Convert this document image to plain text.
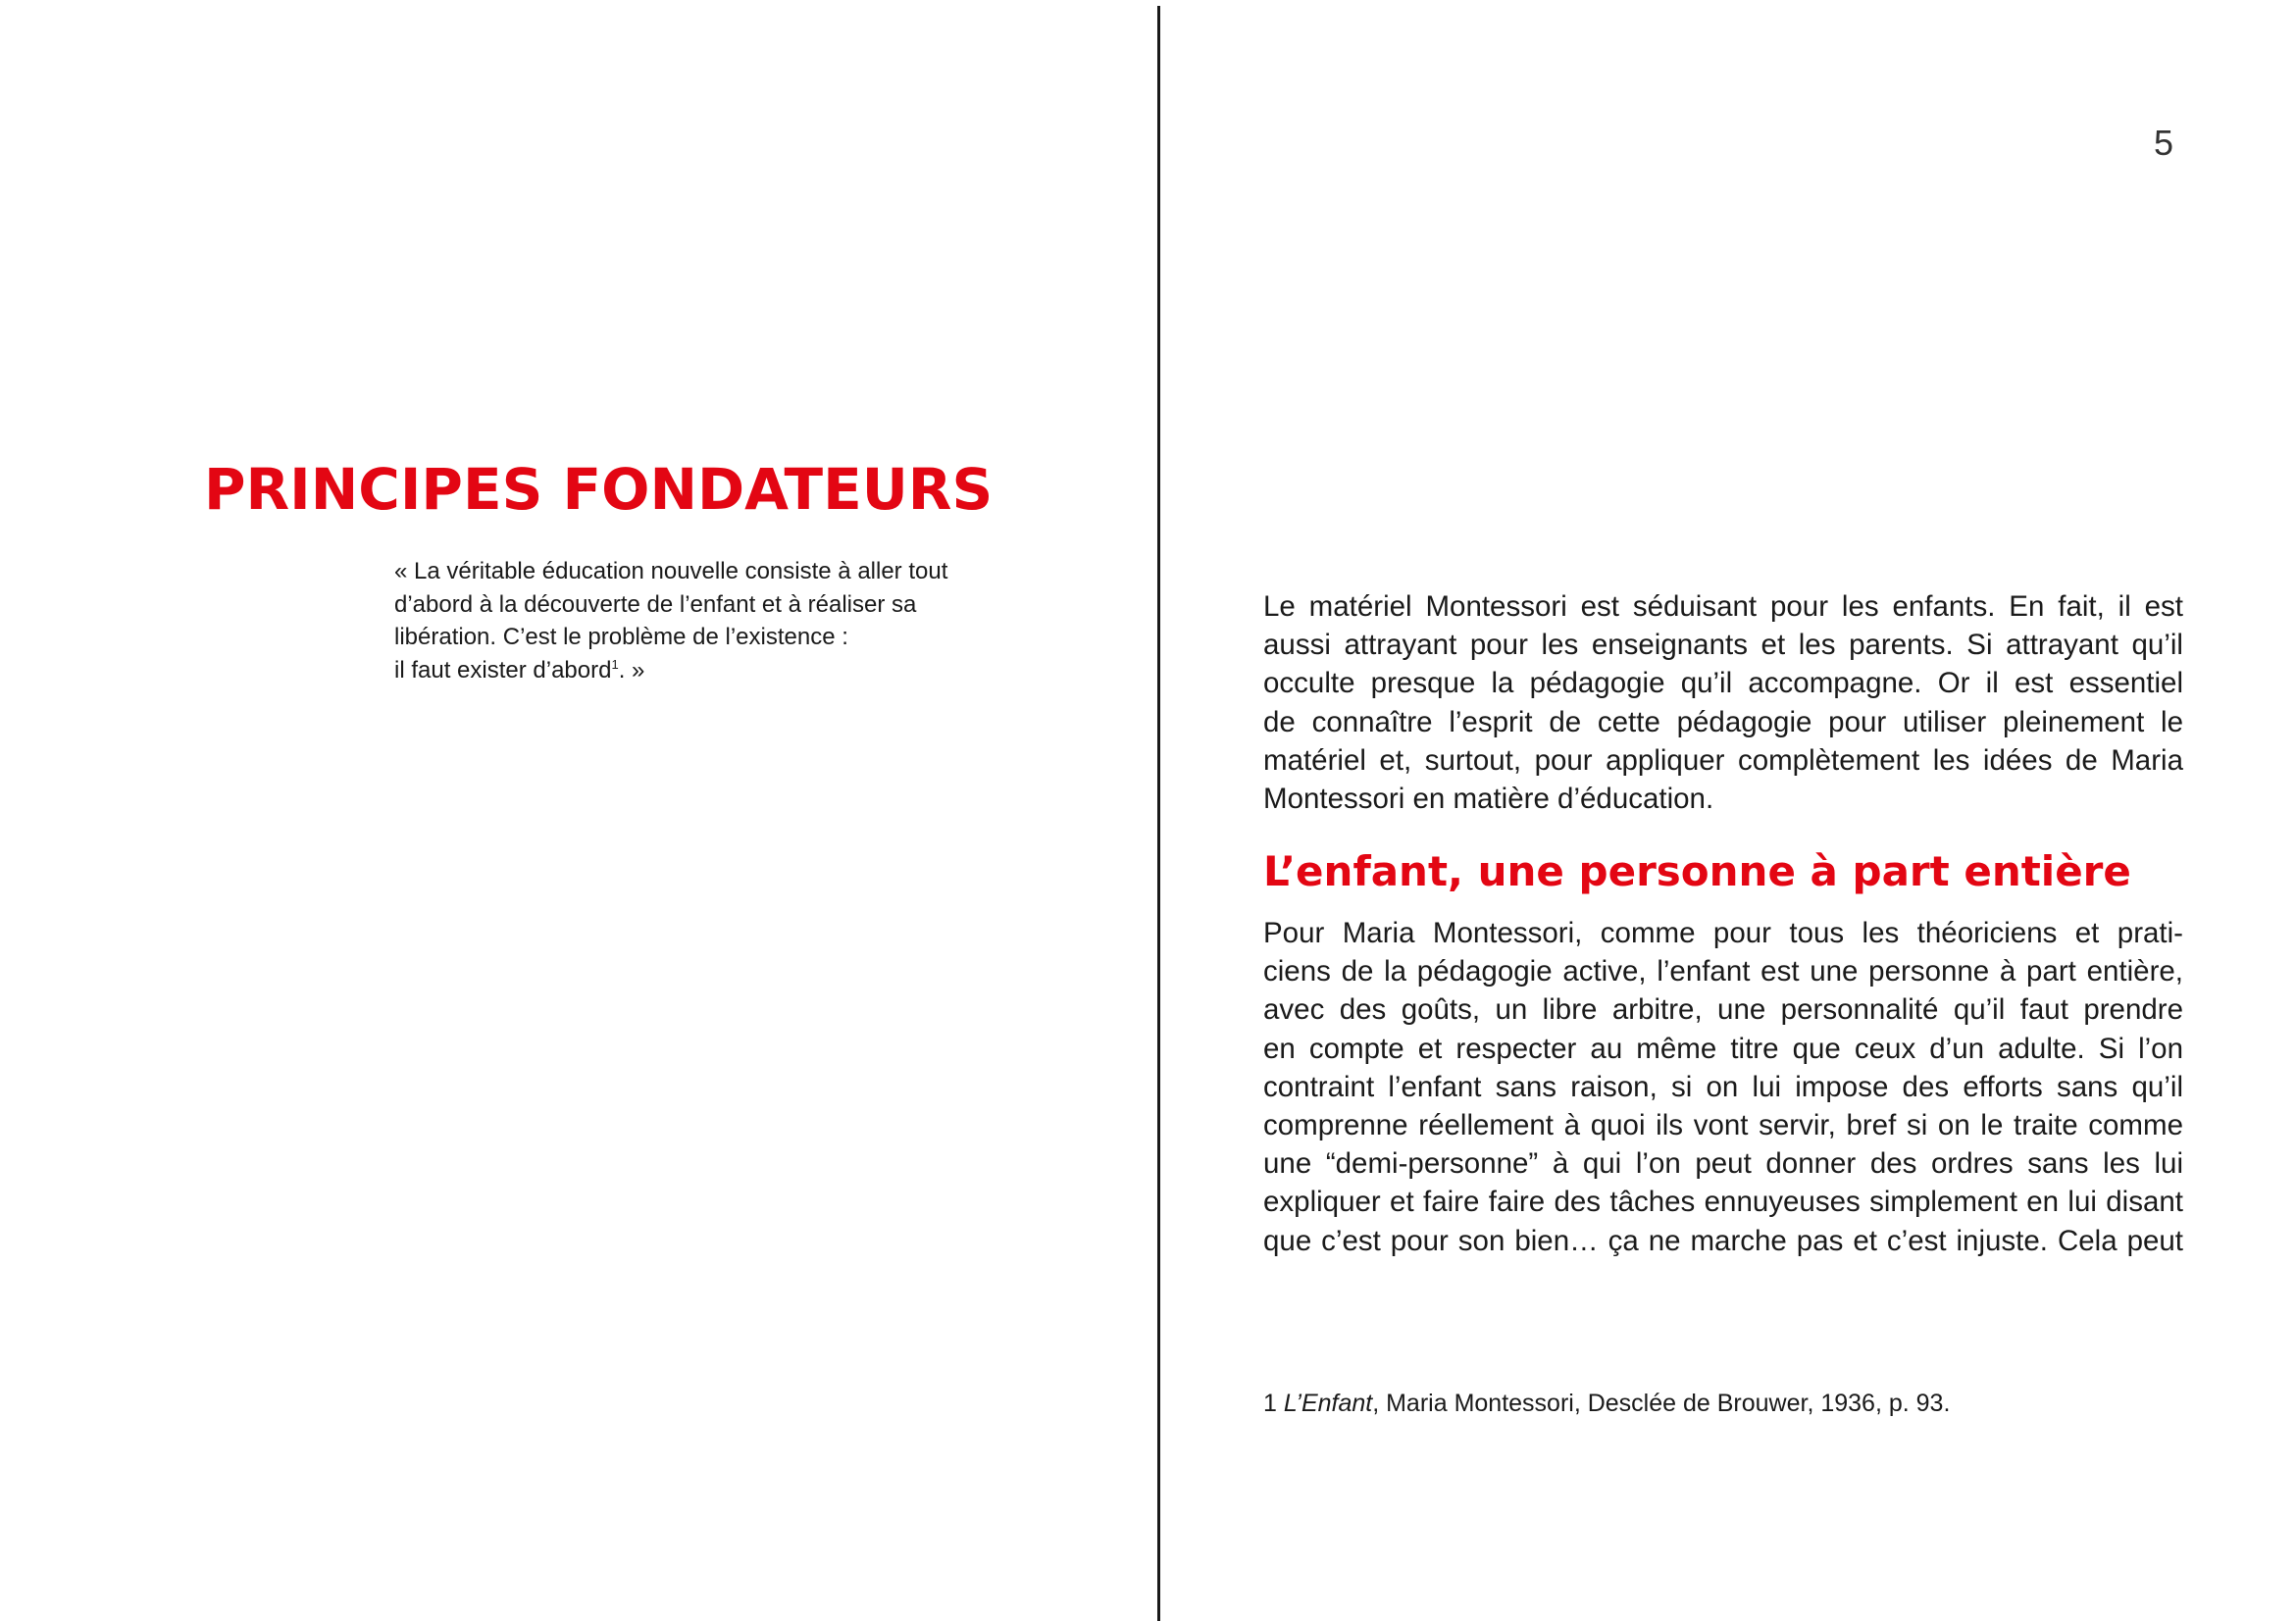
PRINCIPES FONDATEURS

« La véritable éducation nouvelle consiste à aller tout

d’abord à la découverte de l’enfant et à réaliser sa

libération. C’est le problème de l’existence :

il faut exister d’abord$^1$. »

5
Le matériel Montessori est séduisant pour les enfants. En fait, il est
aussi attrayant pour les enseignants et les parents. Si attrayant qu’il
occulte presque la pédagogie qu’il accompagne. Or il est essentiel
de connaître l’esprit de cette pédagogie pour utiliser pleinement le
matériel et, surtout, pour appliquer complètement les idées de Maria
Montessori en matière d’éducation.
L’enfant, une personne à part entière
Pour Maria Montessori, comme pour tous les théoriciens et prati-
ciens de la pédagogie active, l’enfant est une personne à part entière,
avec des goûts, un libre arbitre, une personnalité qu’il faut prendre
en compte et respecter au même titre que ceux d’un adulte. Si l’on
contraint l’enfant sans raison, si on lui impose des efforts sans qu’il
comprenne réellement à quoi ils vont servir, bref si on le traite comme
une “demi-personne” à qui l’on peut donner des ordres sans les lui
expliquer et faire faire des tâches ennuyeuses simplement en lui disant
que c’est pour son bien… ça ne marche pas et c’est injuste. Cela peut
1 L’Enfant, Maria Montessori, Desclée de Brouwer, 1936, p. 93.
